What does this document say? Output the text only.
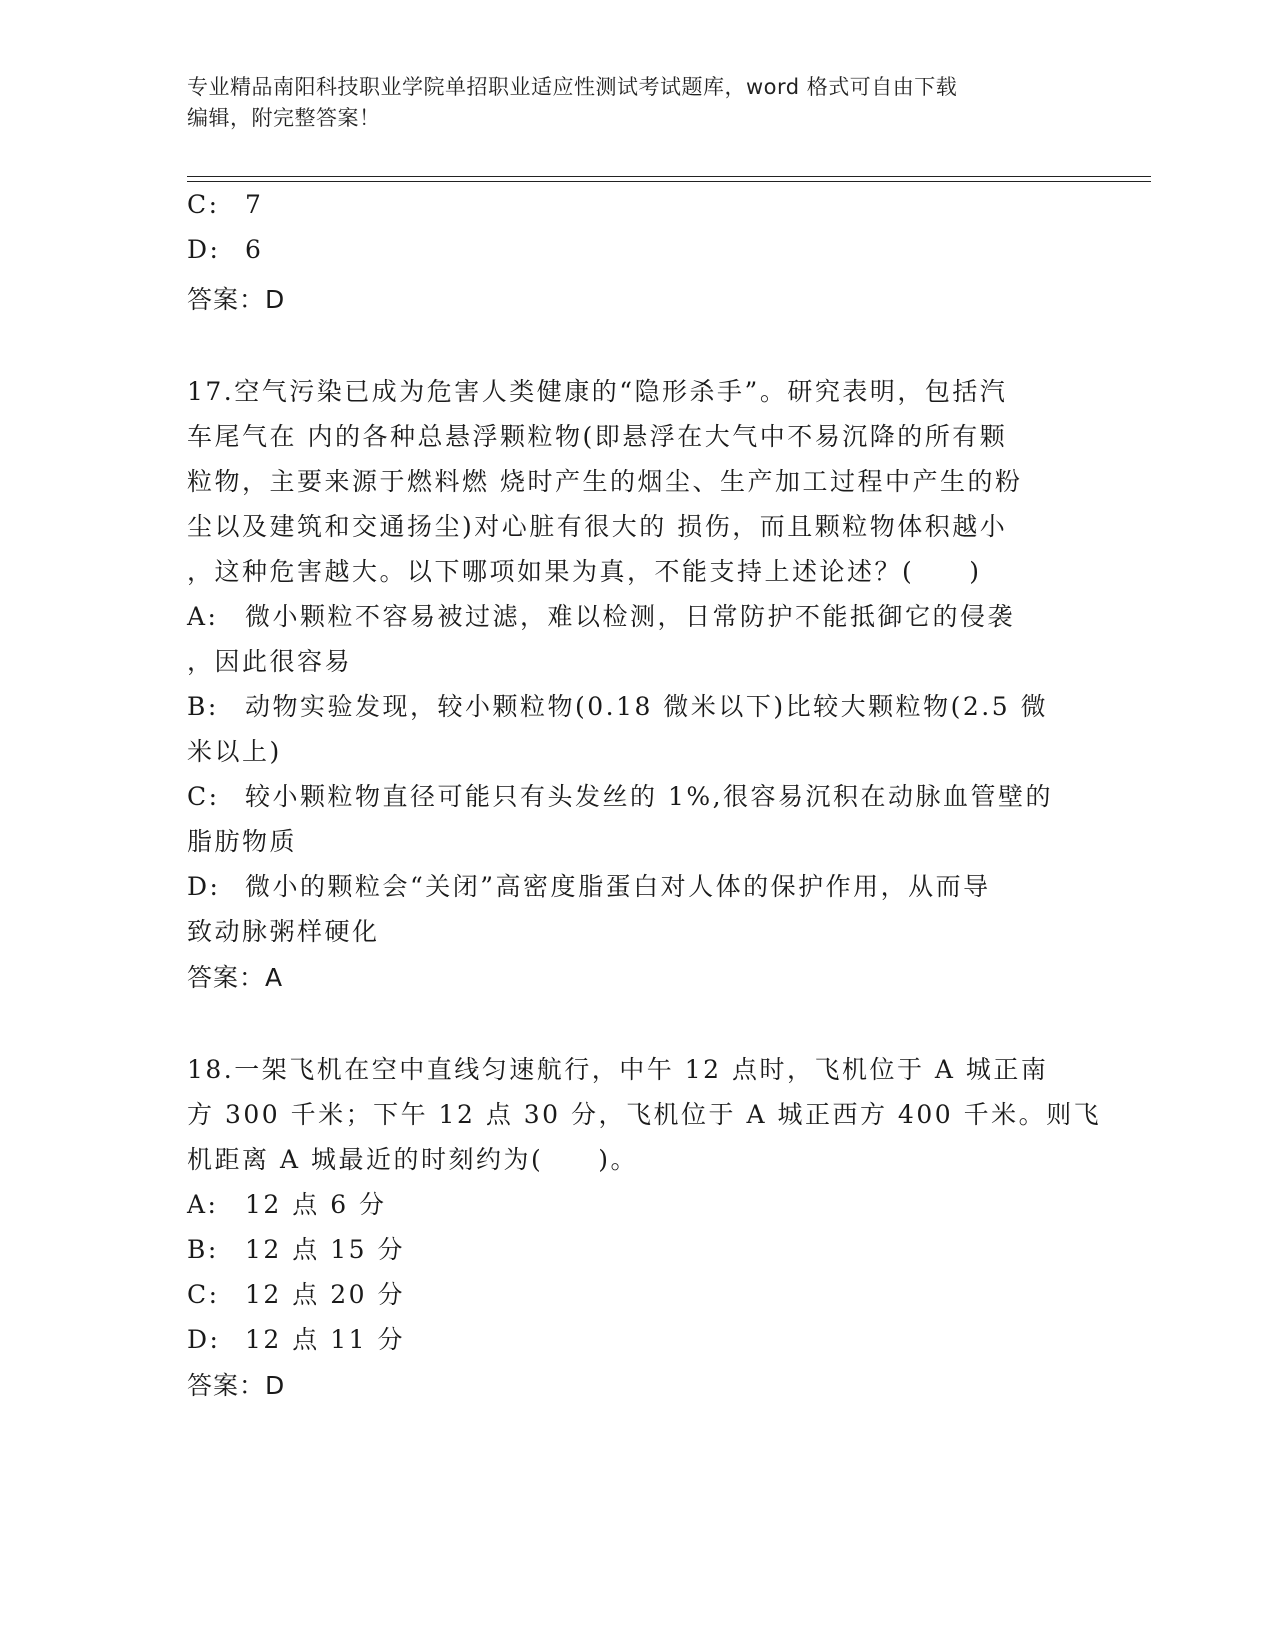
专业精品南阳科技职业学院单招职业适应性测试考试题库，word 格式可自由下载
编辑，附完整答案！
C: 7
D: 6
答案：D
17.空气污染已成为危害人类健康的“隐形杀手”。研究表明，包括汽
车尾气在 内的各种总悬浮颗粒物(即悬浮在大气中不易沉降的所有颗
粒物，主要来源于燃料燃 烧时产生的烟尘、生产加工过程中产生的粉
尘以及建筑和交通扬尘)对心脏有很大的 损伤，而且颗粒物体积越小
，这种危害越大。以下哪项如果为真，不能支持上述论述？(　　)
A: 微小颗粒不容易被过滤，难以检测，日常防护不能抵御它的侵袭
，因此很容易
B: 动物实验发现，较小颗粒物(0.18 微米以下)比较大颗粒物(2.5 微
米以上)
C: 较小颗粒物直径可能只有头发丝的 1%,很容易沉积在动脉血管壁的
脂肪物质
D: 微小的颗粒会“关闭”高密度脂蛋白对人体的保护作用，从而导
致动脉粥样硬化
答案：A
18.一架飞机在空中直线匀速航行，中午 12 点时，飞机位于 A 城正南
方 300 千米；下午 12 点 30 分，飞机位于 A 城正西方 400 千米。则飞
机距离 A 城最近的时刻约为(　　)。
A: 12 点 6 分
B: 12 点 15 分
C: 12 点 20 分
D: 12 点 11 分
答案：D
